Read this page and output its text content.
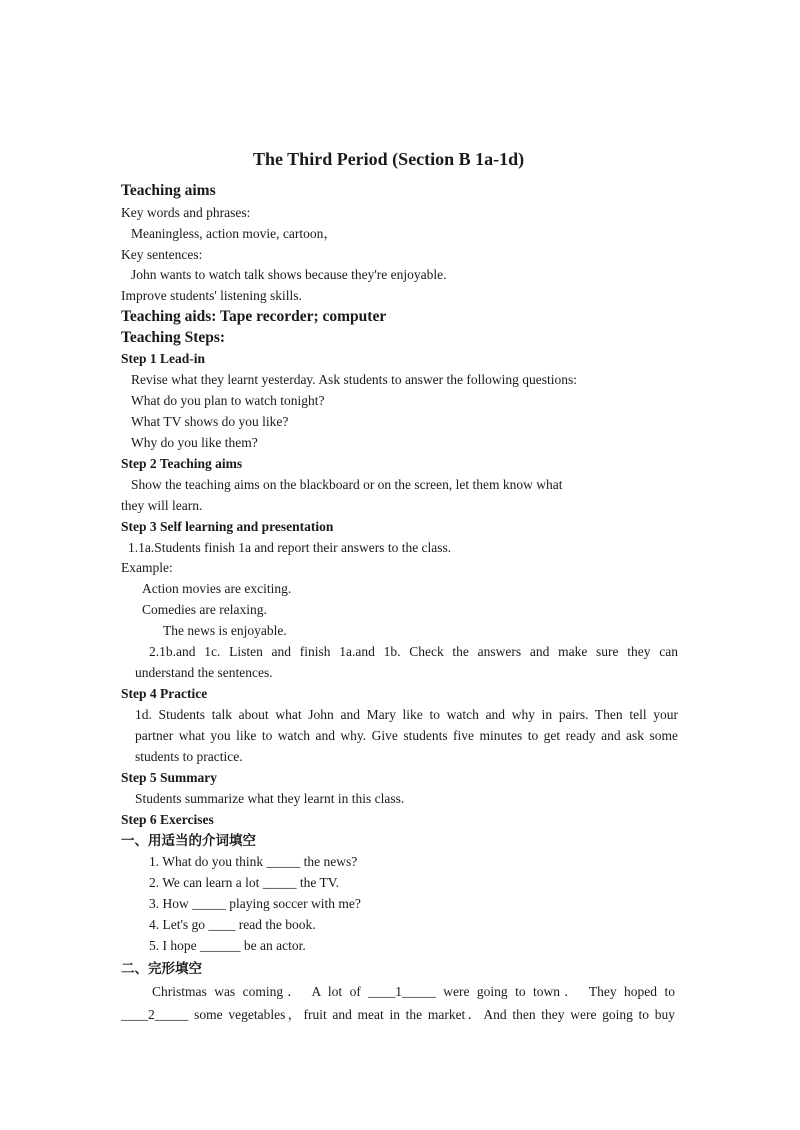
The Third Period (Section B 1a-1d)
Teaching aims
Key words and phrases:
Meaningless, action movie, cartoon，
Key sentences:
John wants to watch talk shows because they're enjoyable.
Improve students' listening skills.
Teaching aids: Tape recorder; computer
Teaching Steps:
Step 1 Lead-in
Revise what they learnt yesterday. Ask students to answer the following questions:
What do you plan to watch tonight?
What TV shows do you like?
Why do you like them?
Step 2 Teaching aims
Show the teaching aims on the blackboard or on the screen, let them know what
they will learn.
Step 3 Self learning and presentation
1.1a.Students finish 1a and report their answers to the class.
Example:
Action movies are exciting.
Comedies are relaxing.
The news is enjoyable.
2.1b.and 1c. Listen and finish 1a.and 1b. Check the answers and make sure they can
understand the sentences.
Step 4 Practice
1d. Students talk about what John and Mary like to watch and why in pairs. Then tell your
partner what you like to watch and why. Give students five minutes to get ready and ask some
students to practice.
Step 5 Summary
Students summarize what they learnt in this class.
Step 6 Exercises
一、用适当的介词填空
1. What do you think _____ the news?
2. We can learn a lot _____ the TV.
3. How _____ playing soccer with me?
4. Let's go ____ read the book.
5. I hope ______ be an actor.
二、完形填空
Christmas was coming． A lot of ____1_____ were going to town． They hoped to
____2_____ some vegetables，fruit and meat in the market．And then they were going to buy
